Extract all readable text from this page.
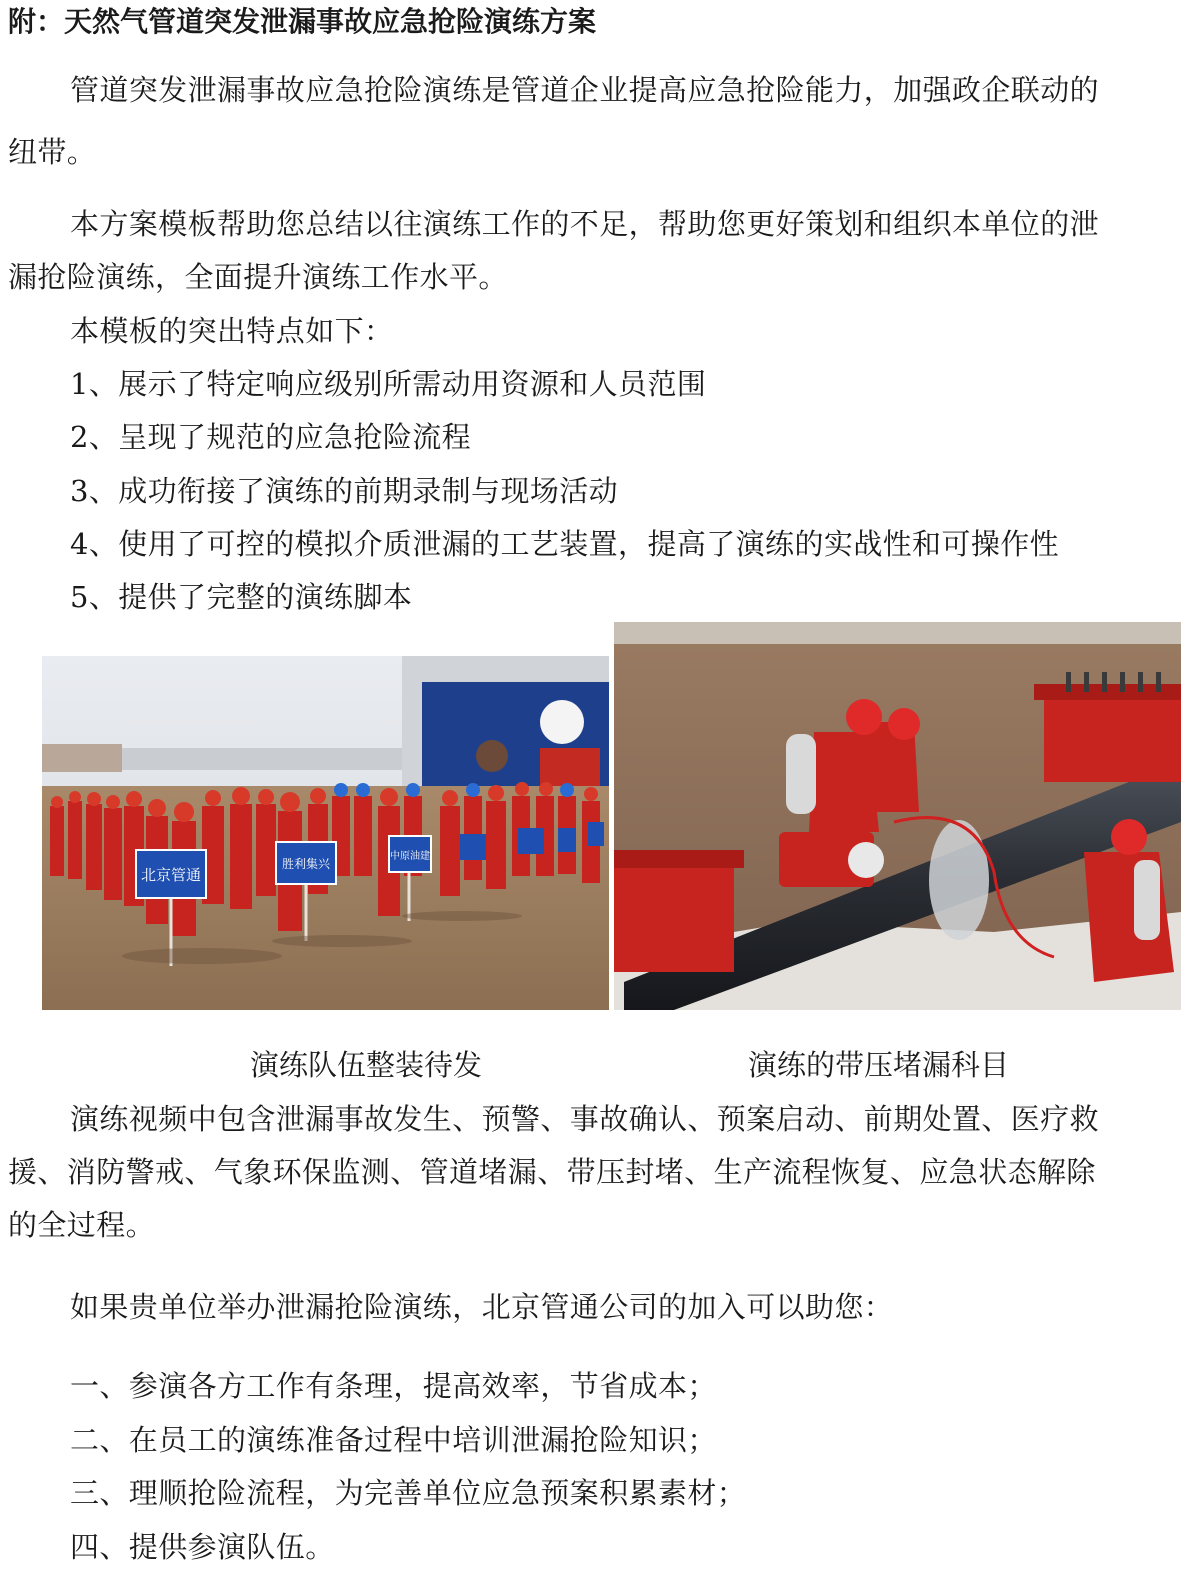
附：天然气管道突发泄漏事故应急抢险演练方案
管道突发泄漏事故应急抢险演练是管道企业提高应急抢险能力，加强政企联动的
纽带。
本方案模板帮助您总结以往演练工作的不足，帮助您更好策划和组织本单位的泄
漏抢险演练，全面提升演练工作水平。
本模板的突出特点如下：
1、展示了特定响应级别所需动用资源和人员范围
2、呈现了规范的应急抢险流程
3、成功衔接了演练的前期录制与现场活动
4、使用了可控的模拟介质泄漏的工艺装置，提高了演练的实战性和可操作性
5、提供了完整的演练脚本
北京管通
胜利集兴
中原油建
演练队伍整装待发	演练的带压堵漏科目
演练视频中包含泄漏事故发生、预警、事故确认、预案启动、前期处置、医疗救
援、消防警戒、气象环保监测、管道堵漏、带压封堵、生产流程恢复、应急状态解除
的全过程。
如果贵单位举办泄漏抢险演练，北京管通公司的加入可以助您：
一、参演各方工作有条理，提高效率，节省成本；
二、在员工的演练准备过程中培训泄漏抢险知识；
三、理顺抢险流程，为完善单位应急预案积累素材；
四、提供参演队伍。
